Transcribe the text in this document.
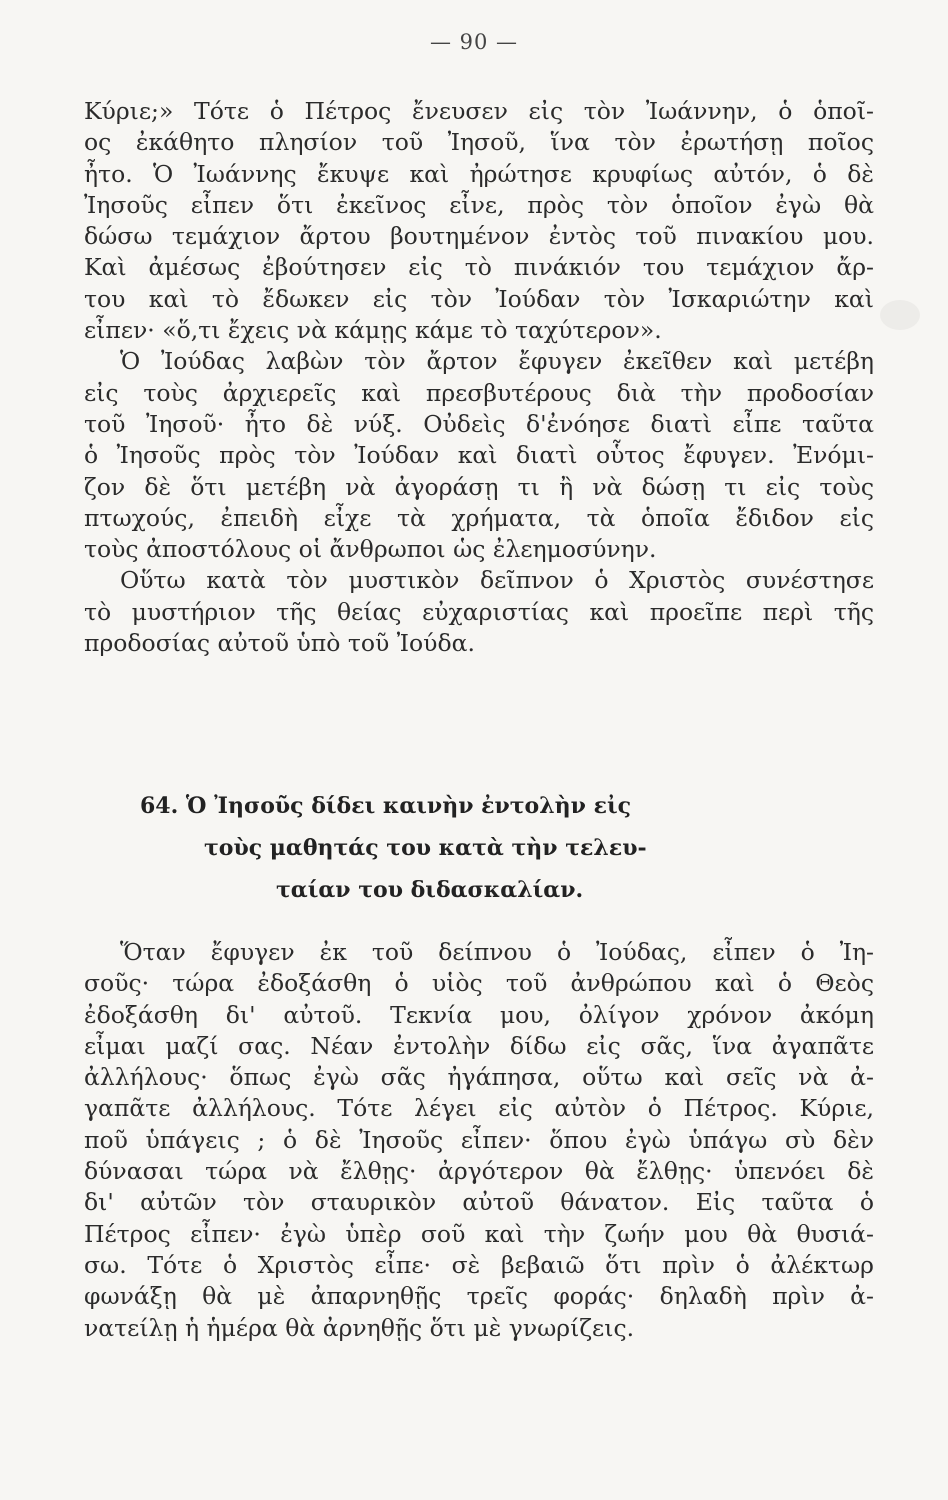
— 90 —
Κύριε;» Τότε ὁ Πέτρος ἔνευσεν εἰς τὸν Ἰωάννην, ὁ ὁποῖ-
ος ἐκάθητο πλησίον τοῦ Ἰησοῦ, ἵνα τὸν ἐρωτήσῃ ποῖος
ἦτο. Ὁ Ἰωάννης ἔκυψε καὶ ἠρώτησε κρυφίως αὐτόν, ὁ δὲ
Ἰησοῦς εἶπεν ὅτι ἐκεῖνος εἶνε, πρὸς τὸν ὁποῖον ἐγὼ θὰ
δώσω τεμάχιον ἄρτου βουτημένον ἐντὸς τοῦ πινακίου μου.
Καὶ ἀμέσως ἐβούτησεν εἰς τὸ πινάκιόν του τεμάχιον ἄρ-
του καὶ τὸ ἔδωκεν εἰς τὸν Ἰούδαν τὸν Ἰσκαριώτην καὶ
εἶπεν· «ὅ,τι ἔχεις νὰ κάμῃς κάμε τὸ ταχύτερον».
Ὁ Ἰούδας λαβὼν τὸν ἄρτον ἔφυγεν ἐκεῖθεν καὶ μετέβη
εἰς τοὺς ἀρχιερεῖς καὶ πρεσβυτέρους διὰ τὴν προδοσίαν
τοῦ Ἰησοῦ· ἦτο δὲ νύξ. Οὐδεὶς δ'ἐνόησε διατὶ εἶπε ταῦτα
ὁ Ἰησοῦς πρὸς τὸν Ἰούδαν καὶ διατὶ οὗτος ἔφυγεν. Ἐνόμι-
ζον δὲ ὅτι μετέβη νὰ ἀγοράσῃ τι ἢ νὰ δώσῃ τι εἰς τοὺς
πτωχούς, ἐπειδὴ εἶχε τὰ χρήματα, τὰ ὁποῖα ἔδιδον εἰς
τοὺς ἀποστόλους οἱ ἄνθρωποι ὡς ἐλεημοσύνην.
Οὕτω κατὰ τὸν μυστικὸν δεῖπνον ὁ Χριστὸς συνέστησε
τὸ μυστήριον τῆς θείας εὐχαριστίας καὶ προεῖπε περὶ τῆς
προδοσίας αὐτοῦ ὑπὸ τοῦ Ἰούδα.
64. Ὁ Ἰησοῦς δίδει καινὴν ἐντολὴν εἰς
τοὺς μαθητάς του κατὰ τὴν τελευ-
ταίαν του διδασκαλίαν.
Ὅταν ἔφυγεν ἐκ τοῦ δείπνου ὁ Ἰούδας, εἶπεν ὁ Ἰη-
σοῦς· τώρα ἐδοξάσθη ὁ υἱὸς τοῦ ἀνθρώπου καὶ ὁ Θεὸς
ἐδοξάσθη δι' αὐτοῦ. Τεκνία μου, ὀλίγον χρόνον ἀκόμη
εἶμαι μαζί σας. Νέαν ἐντολὴν δίδω εἰς σᾶς, ἵνα ἀγαπᾶτε
ἀλλήλους· ὅπως ἐγὼ σᾶς ἠγάπησα, οὕτω καὶ σεῖς νὰ ἀ-
γαπᾶτε ἀλλήλους. Τότε λέγει εἰς αὐτὸν ὁ Πέτρος. Κύριε,
ποῦ ὑπάγεις ; ὁ δὲ Ἰησοῦς εἶπεν· ὅπου ἐγὼ ὑπάγω σὺ δὲν
δύνασαι τώρα νὰ ἔλθῃς· ἀργότερον θὰ ἔλθῃς· ὑπενόει δὲ
δι' αὐτῶν τὸν σταυρικὸν αὐτοῦ θάνατον. Εἰς ταῦτα ὁ
Πέτρος εἶπεν· ἐγὼ ὑπὲρ σοῦ καὶ τὴν ζωήν μου θὰ θυσιά-
σω. Τότε ὁ Χριστὸς εἶπε· σὲ βεβαιῶ ὅτι πρὶν ὁ ἀλέκτωρ
φωνάξῃ θὰ μὲ ἀπαρνηθῇς τρεῖς φοράς· δηλαδὴ πρὶν ἀ-
νατείλῃ ἡ ἡμέρα θὰ ἀρνηθῇς ὅτι μὲ γνωρίζεις.
